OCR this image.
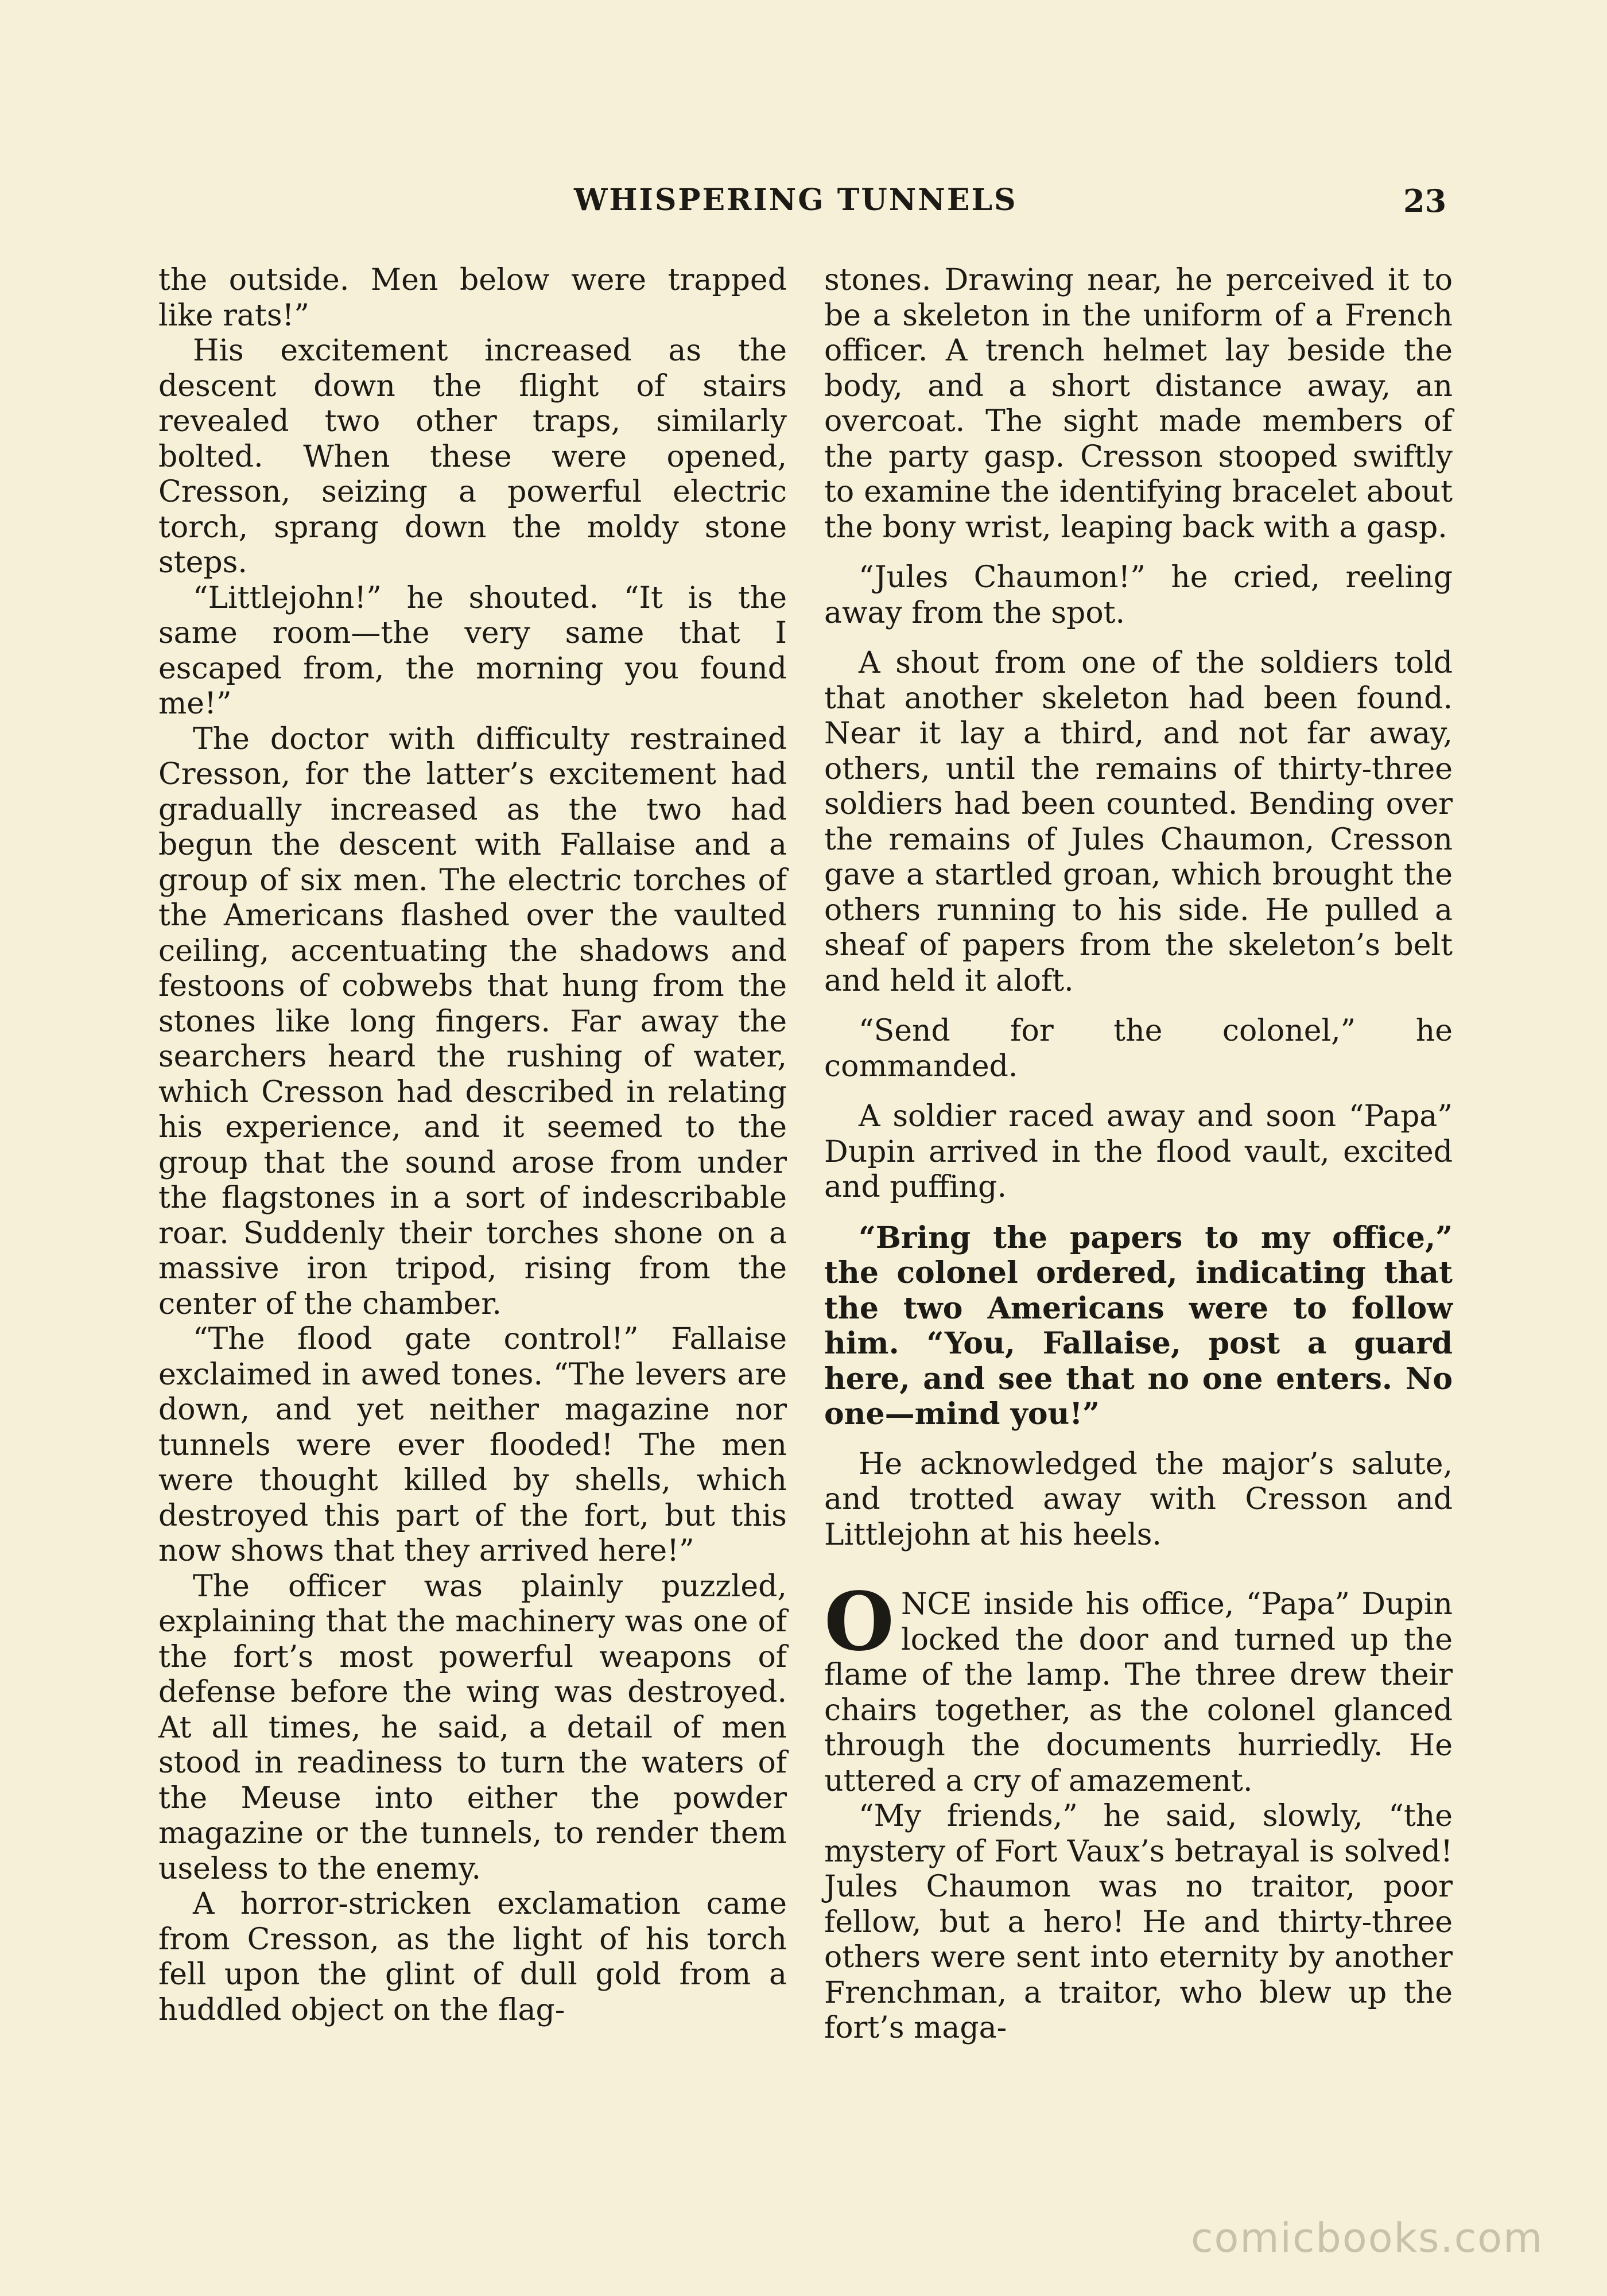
WHISPERING TUNNELS	23

the outside. Men below were trapped like rats!”

His excitement increased as the descent down the flight of stairs revealed two other traps, similarly bolted. When these were opened, Cresson, seizing a powerful electric torch, sprang down the moldy stone steps.

“Littlejohn!” he shouted. “It is the same room—the very same that I escaped from, the morning you found me!”

The doctor with difficulty restrained Cresson, for the latter’s excitement had gradually increased as the two had begun the descent with Fallaise and a group of six men. The electric torches of the Americans flashed over the vaulted ceiling, accentuating the shadows and festoons of cobwebs that hung from the stones like long fingers. Far away the searchers heard the rushing of water, which Cresson had described in relating his experience, and it seemed to the group that the sound arose from under the flagstones in a sort of indescribable roar. Suddenly their torches shone on a massive iron tripod, rising from the center of the chamber.

“The flood gate control!” Fallaise exclaimed in awed tones. “The levers are down, and yet neither magazine nor tunnels were ever flooded! The men were thought killed by shells, which destroyed this part of the fort, but this now shows that they arrived here!”

The officer was plainly puzzled, explaining that the machinery was one of the fort’s most powerful weapons of defense before the wing was destroyed. At all times, he said, a detail of men stood in readiness to turn the waters of the Meuse into either the powder magazine or the tunnels, to render them useless to the enemy.

A horror-stricken exclamation came from Cresson, as the light of his torch fell upon the glint of dull gold from a huddled object on the flag-

stones. Drawing near, he perceived it to be a skeleton in the uniform of a French officer. A trench helmet lay beside the body, and a short distance away, an overcoat. The sight made members of the party gasp. Cresson stooped swiftly to examine the identifying bracelet about the bony wrist, leaping back with a gasp.

“Jules Chaumon!” he cried, reeling away from the spot.

A shout from one of the soldiers told that another skeleton had been found. Near it lay a third, and not far away, others, until the remains of thirty-three soldiers had been counted. Bending over the remains of Jules Chaumon, Cresson gave a startled groan, which brought the others running to his side. He pulled a sheaf of papers from the skeleton’s belt and held it aloft.

“Send for the colonel,” he commanded.

A soldier raced away and soon “Papa” Dupin arrived in the flood vault, excited and puffing.

“Bring the papers to my office,” the colonel ordered, indicating that the two Americans were to follow him. “You, Fallaise, post a guard here, and see that no one enters. No one—mind you!”

He acknowledged the major’s salute, and trotted away with Cresson and Littlejohn at his heels.

ONCE inside his office, “Papa” Dupin locked the door and turned up the flame of the lamp. The three drew their chairs together, as the colonel glanced through the documents hurriedly. He uttered a cry of amazement.

“My friends,” he said, slowly, “the mystery of Fort Vaux’s betrayal is solved! Jules Chaumon was no traitor, poor fellow, but a hero! He and thirty-three others were sent into eternity by another Frenchman, a traitor, who blew up the fort’s maga-

comicbooks.com
